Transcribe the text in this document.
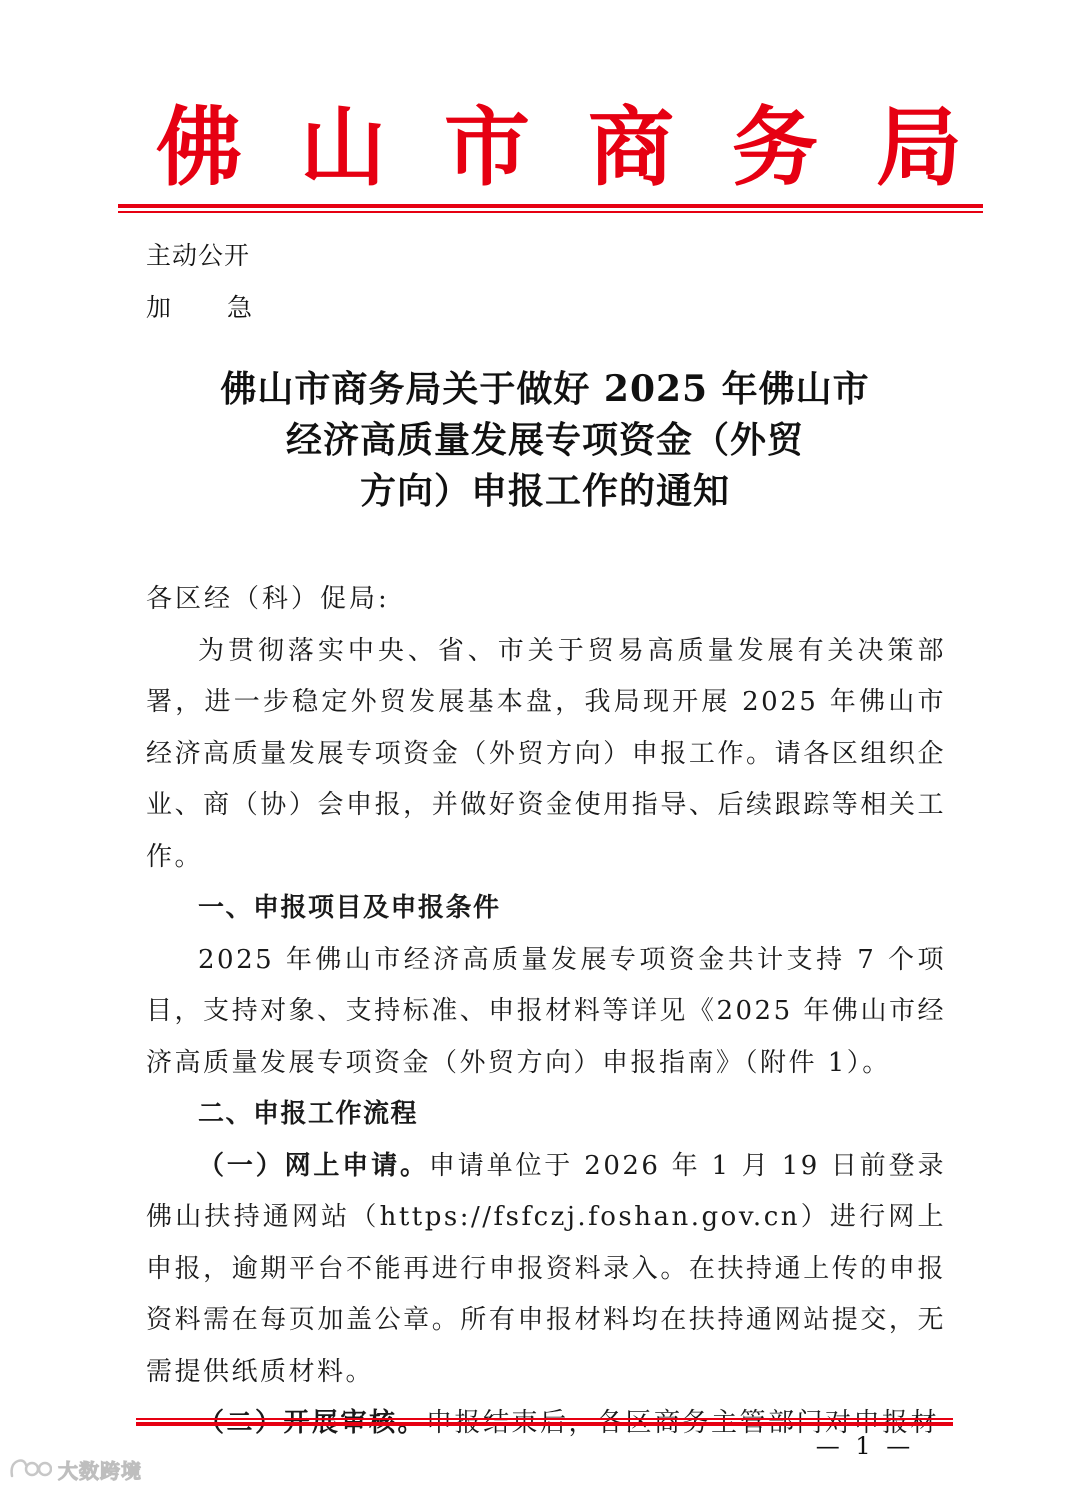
佛山市商务局
主动公开
加 急
佛山市商务局关于做好 2025 年佛山市
经济高质量发展专项资金（外贸
方向）申报工作的通知

各区经（科）促局:

为贯彻落实中央、省、市关于贸易高质量发展有关决策部署，进一步稳定外贸发展基本盘，我局现开展 2025 年佛山市经济高质量发展专项资金（外贸方向）申报工作。请各区组织企业、商（协）会申报，并做好资金使用指导、后续跟踪等相关工作。

一、申报项目及申报条件

2025 年佛山市经济高质量发展专项资金共计支持 7 个项目，支持对象、支持标准、申报材料等详见《2025 年佛山市经济高质量发展专项资金（外贸方向）申报指南》（附件 1）。

二、申报工作流程

（一）网上申请。申请单位于 2026 年 1 月 19 日前登录佛山扶持通网站（https://fsfczj.foshan.gov.cn）进行网上申报，逾期平台不能再进行申报资料录入。在扶持通上传的申报资料需在每页加盖公章。所有申报材料均在扶持通网站提交，无需提供纸质材料。

— 1 —
大数跨境
